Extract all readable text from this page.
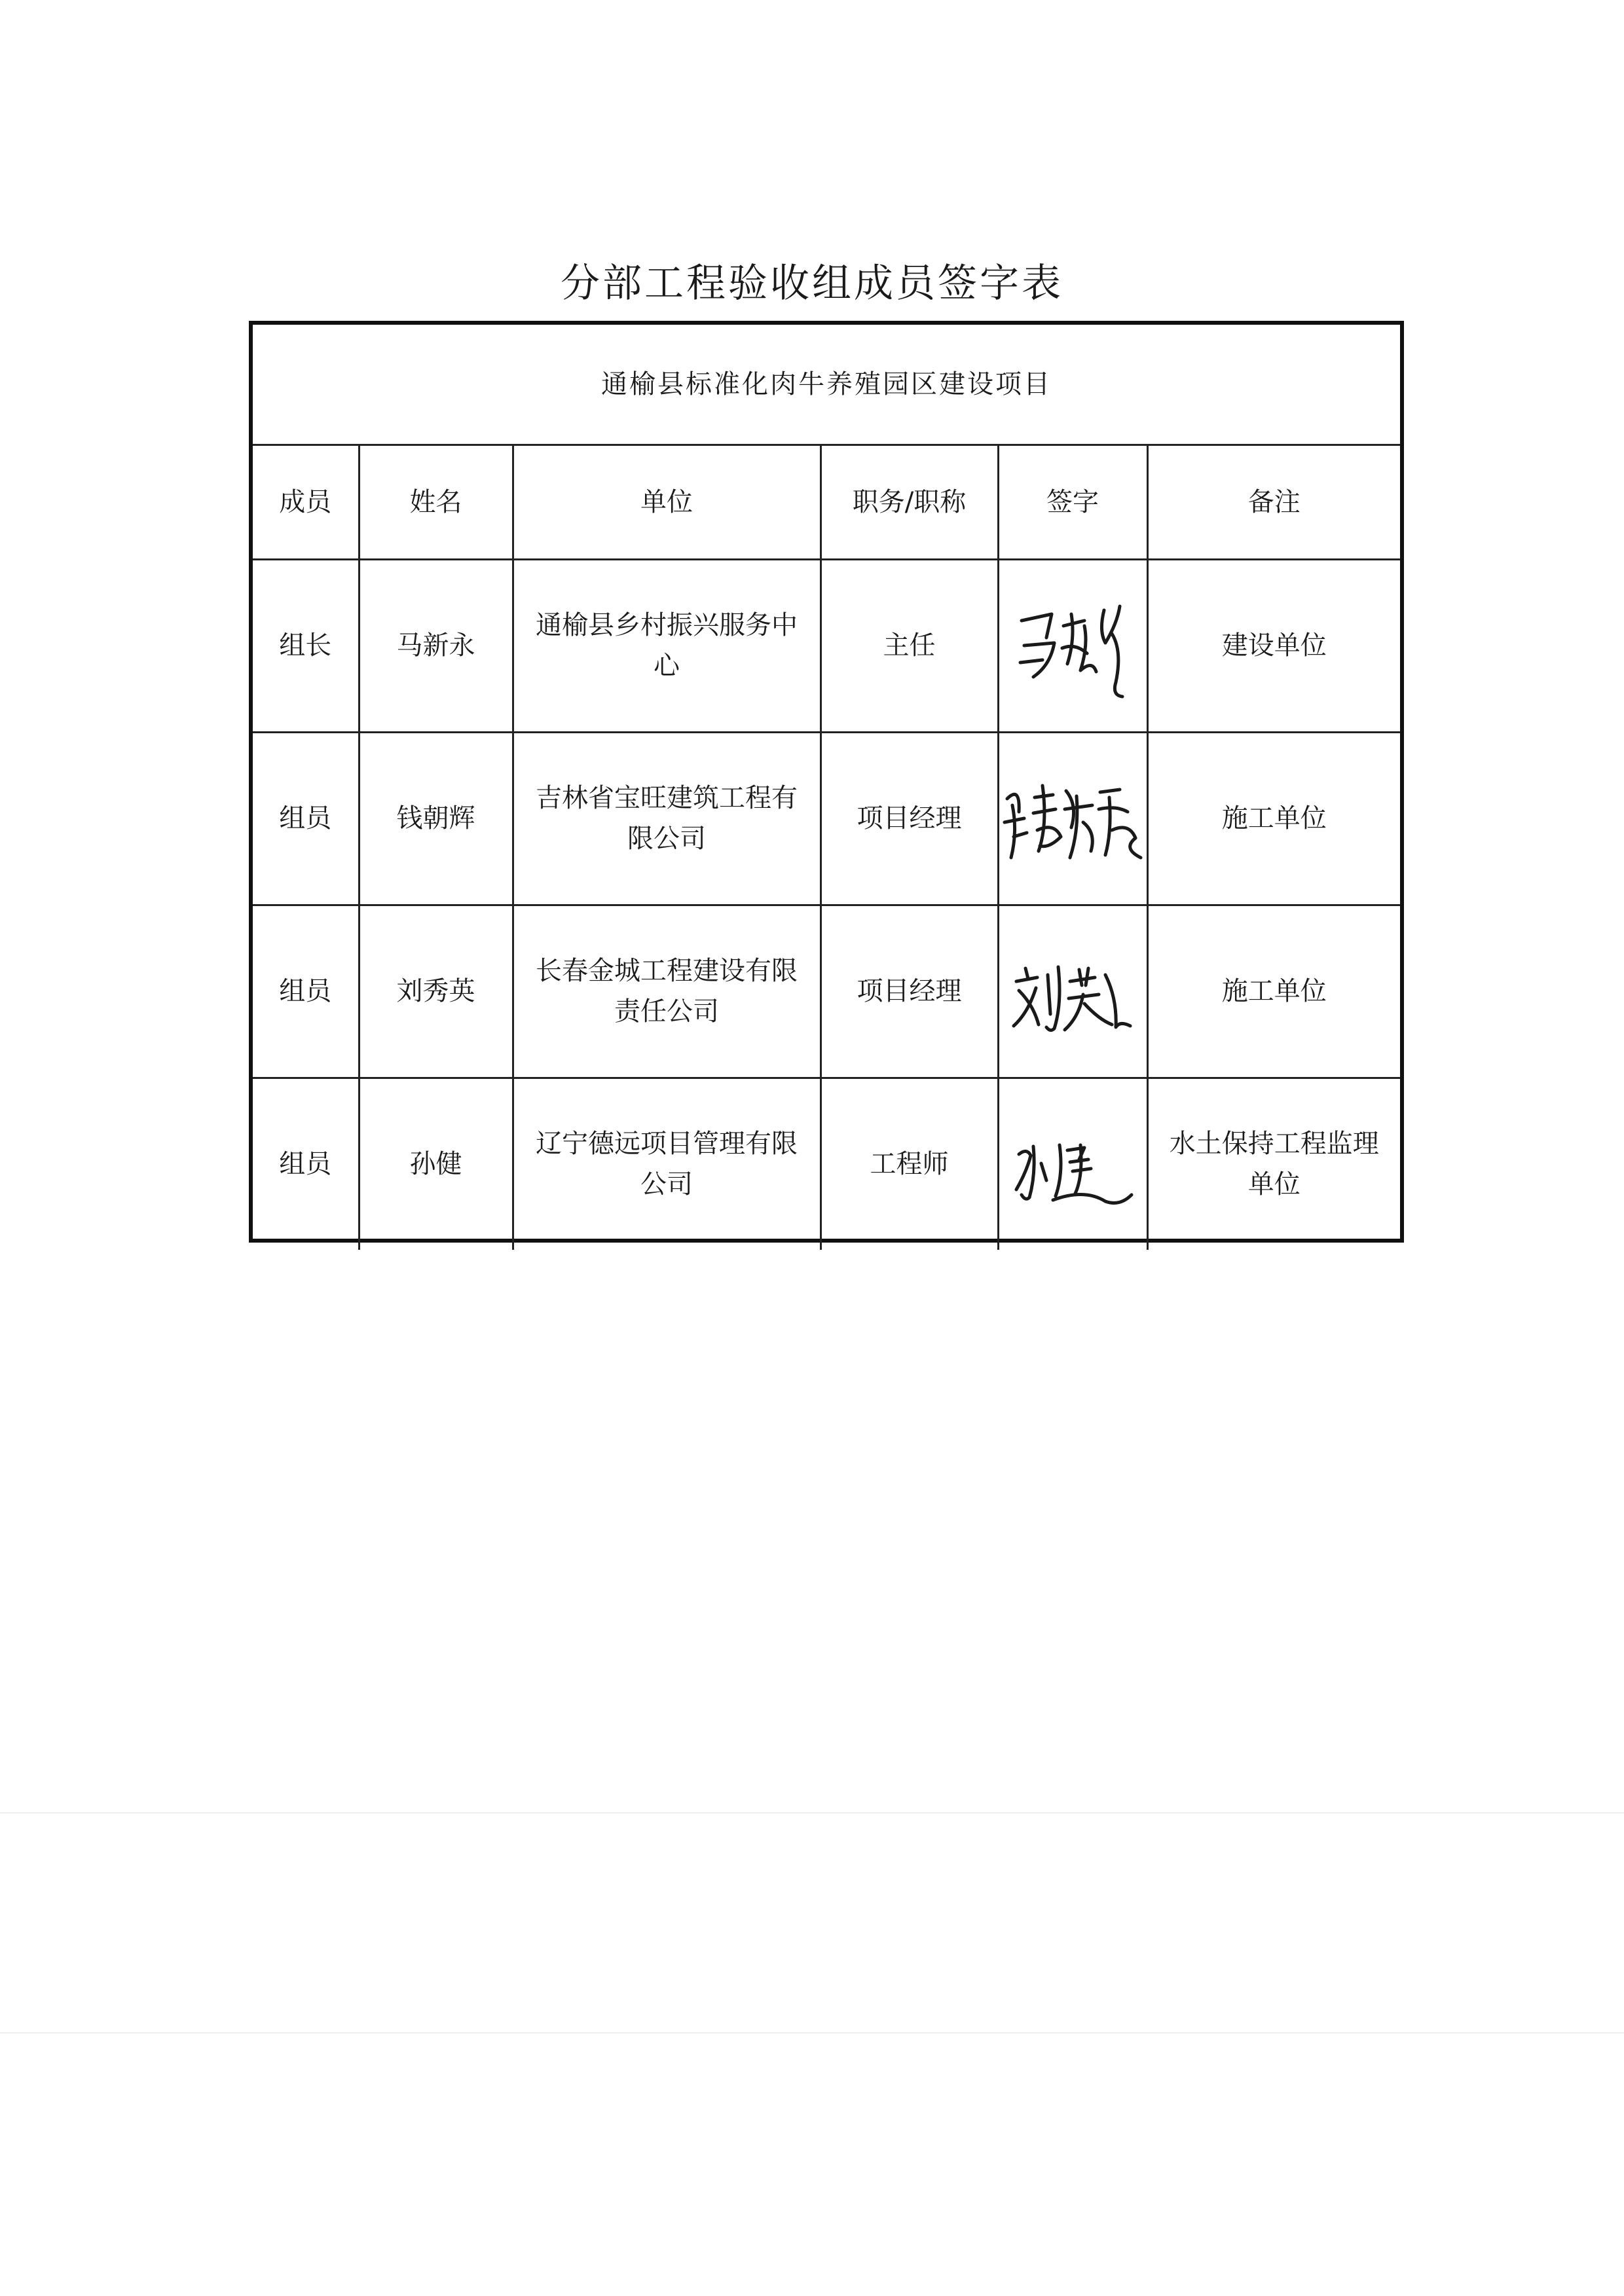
分部工程验收组成员签字表
通榆县标准化肉牛养殖园区建设项目					
成员	姓名	单位	职务/职称	签字	备注
组长	马新永	通榆县乡村振兴服务中心	主任		建设单位
组员	钱朝辉	吉林省宝旺建筑工程有限公司	项目经理		施工单位
组员	刘秀英	长春金城工程建设有限责任公司	项目经理		施工单位
组员	孙健	辽宁德远项目管理有限公司	工程师		水土保持工程监理单位
